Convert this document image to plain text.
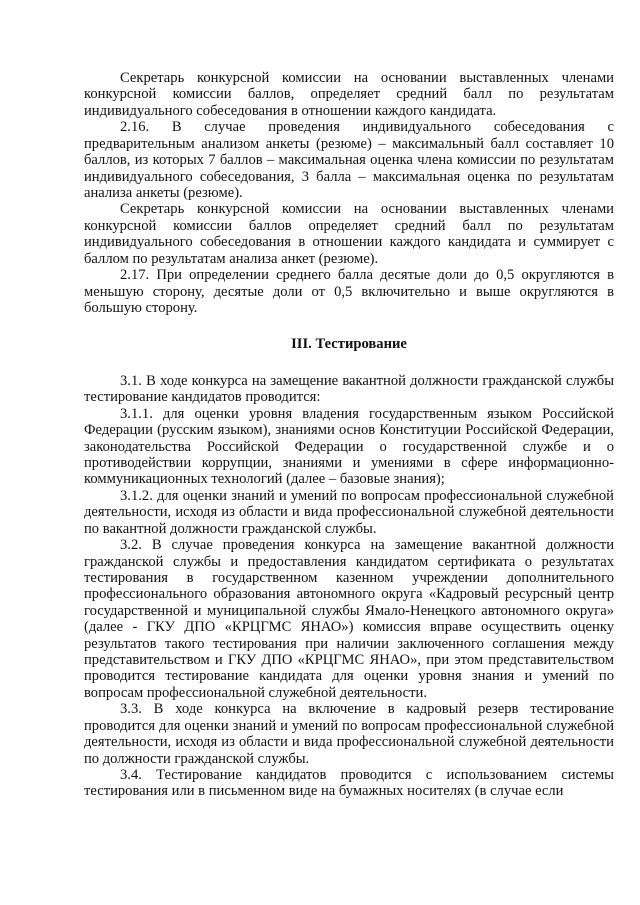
Секретарь конкурсной комиссии на основании выставленных членами конкурсной комиссии баллов, определяет средний балл по результатам индивидуального собеседования в отношении каждого кандидата.

2.16. В случае проведения индивидуального собеседования с предварительным анализом анкеты (резюме) – максимальный балл составляет 10 баллов, из которых 7 баллов – максимальная оценка члена комиссии по результатам индивидуального собеседования, 3 балла – максимальная оценка по результатам анализа анкеты (резюме).

Секретарь конкурсной комиссии на основании выставленных членами конкурсной комиссии баллов определяет средний балл по результатам индивидуального собеседования в отношении каждого кандидата и суммирует с баллом по результатам анализа анкет (резюме).

2.17. При определении среднего балла десятые доли до 0,5 округляются в меньшую сторону, десятые доли от 0,5 включительно и выше округляются в большую сторону.

III. Тестирование

3.1. В ходе конкурса на замещение вакантной должности гражданской службы тестирование кандидатов проводится:

3.1.1. для оценки уровня владения государственным языком Российской Федерации (русским языком), знаниями основ Конституции Российской Федерации, законодательства Российской Федерации о государственной службе и о противодействии коррупции, знаниями и умениями в сфере информационно-коммуникационных технологий (далее – базовые знания);

3.1.2. для оценки знаний и умений по вопросам профессиональной служебной деятельности, исходя из области и вида профессиональной служебной деятельности по вакантной должности гражданской службы.

3.2. В случае проведения конкурса на замещение вакантной должности гражданской службы и предоставления кандидатом сертификата о результатах тестирования в государственном казенном учреждении дополнительного профессионального образования автономного округа «Кадровый ресурсный центр государственной и муниципальной службы Ямало-Ненецкого автономного округа» (далее - ГКУ ДПО «КРЦГМС ЯНАО») комиссия вправе осуществить оценку результатов такого тестирования при наличии заключенного соглашения между представительством и ГКУ ДПО «КРЦГМС ЯНАО», при этом представительством проводится тестирование кандидата для оценки уровня знания и умений по вопросам профессиональной служебной деятельности.

3.3. В ходе конкурса на включение в кадровый резерв тестирование проводится для оценки знаний и умений по вопросам профессиональной служебной деятельности, исходя из области и вида профессиональной служебной деятельности по должности гражданской службы.

3.4. Тестирование кандидатов проводится с использованием системы тестирования или в письменном виде на бумажных носителях (в случае если
